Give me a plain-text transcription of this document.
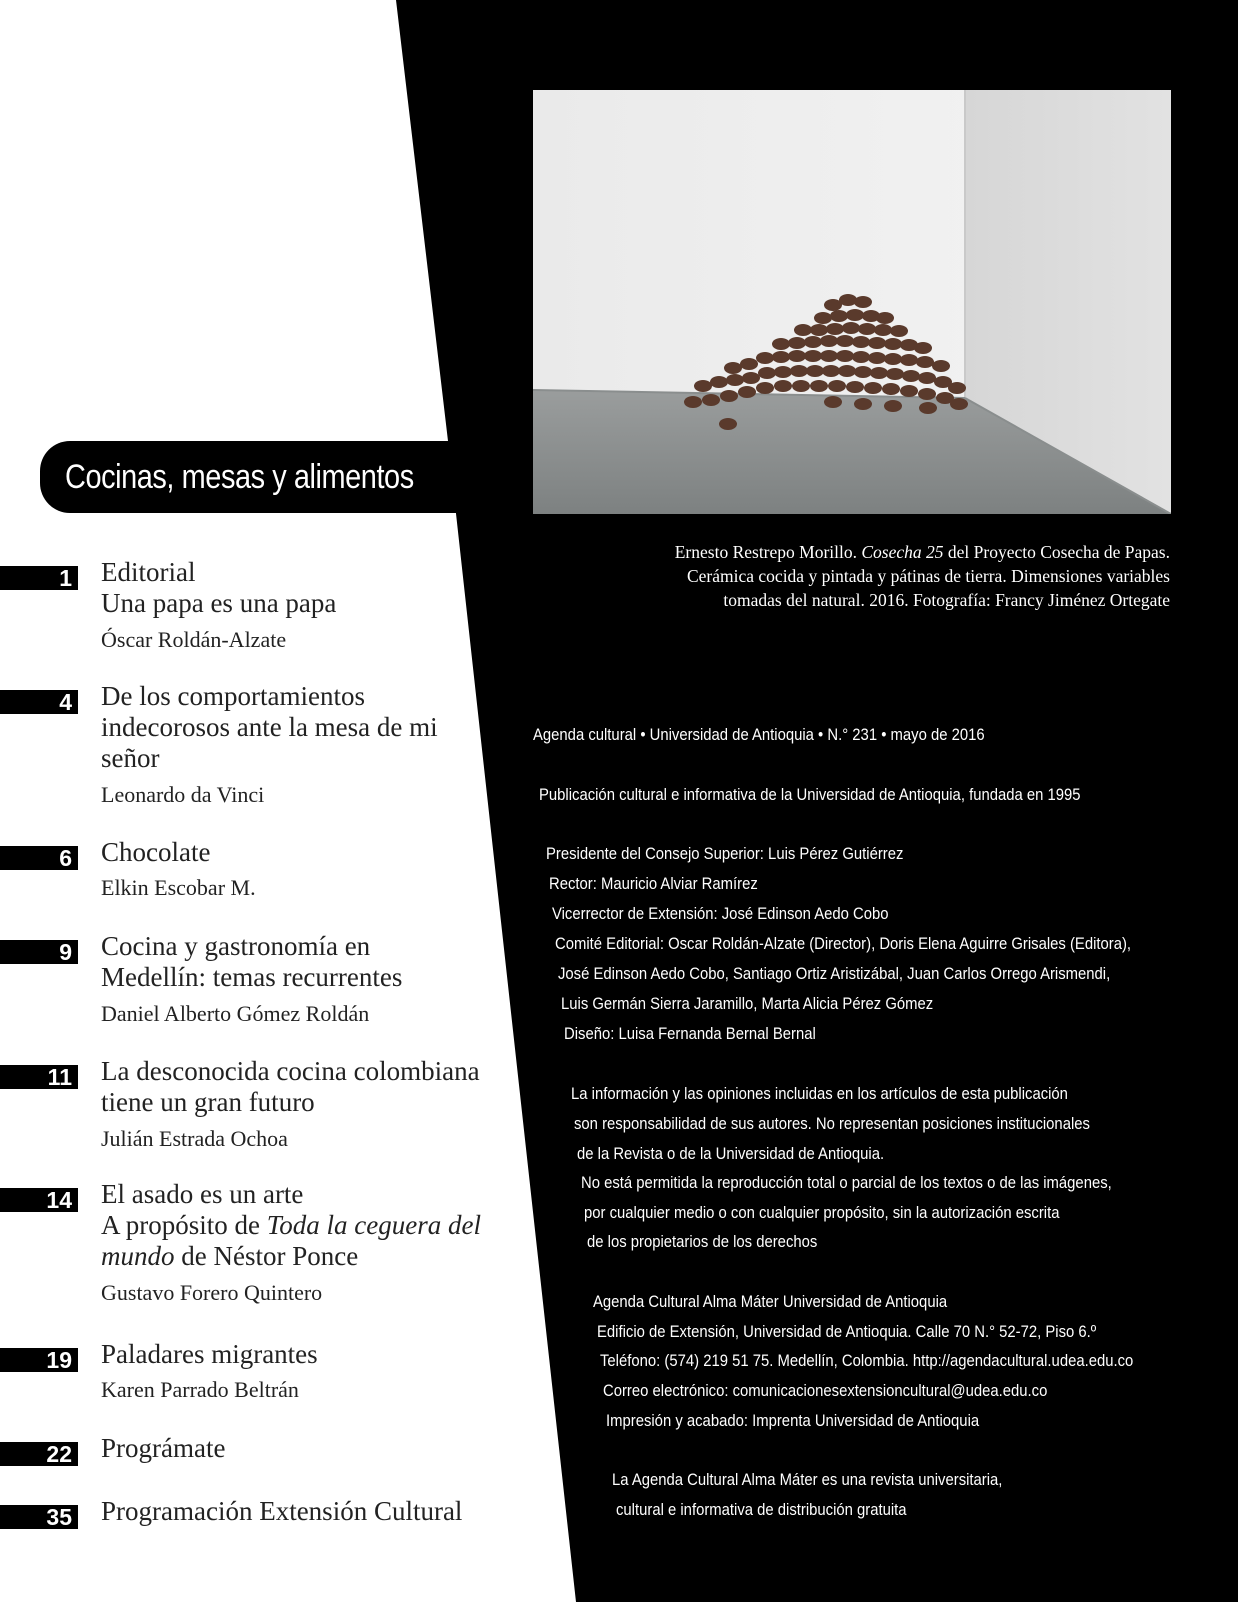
Cocinas, mesas y alimentos
Ernesto Restrepo Morillo. Cosecha 25 del Proyecto Cosecha de Papas.
Cerámica cocida y pintada y pátinas de tierra. Dimensiones variables
tomadas del natural. 2016. Fotografía: Francy Jiménez Ortegate
1 Editorial
Una papa es una papa
Óscar Roldán-Alzate
4 De los comportamientos indecorosos ante la mesa de mi señor
Leonardo da Vinci
6 Chocolate
Elkin Escobar M.
9 Cocina y gastronomía en Medellín: temas recurrentes
Daniel Alberto Gómez Roldán
11 La desconocida cocina colombiana tiene un gran futuro
Julián Estrada Ochoa
14 El asado es un arte
A propósito de Toda la ceguera del mundo de Néstor Ponce
Gustavo Forero Quintero
19 Paladares migrantes
Karen Parrado Beltrán
22 Prográmate
35 Programación Extensión Cultural
Agenda cultural • Universidad de Antioquia • N.° 231 • mayo de 2016
Publicación cultural e informativa de la Universidad de Antioquia, fundada en 1995
Presidente del Consejo Superior: Luis Pérez Gutiérrez
Rector: Mauricio Alviar Ramírez
Vicerrector de Extensión: José Edinson Aedo Cobo
Comité Editorial: Oscar Roldán-Alzate (Director), Doris Elena Aguirre Grisales (Editora),
José Edinson Aedo Cobo, Santiago Ortiz Aristizábal, Juan Carlos Orrego Arismendi,
Luis Germán Sierra Jaramillo, Marta Alicia Pérez Gómez
Diseño: Luisa Fernanda Bernal Bernal
La información y las opiniones incluidas en los artículos de esta publicación
son responsabilidad de sus autores. No representan posiciones institucionales
de la Revista o de la Universidad de Antioquia.
No está permitida la reproducción total o parcial de los textos o de las imágenes,
por cualquier medio o con cualquier propósito, sin la autorización escrita
de los propietarios de los derechos
Agenda Cultural Alma Máter Universidad de Antioquia
Edificio de Extensión, Universidad de Antioquia. Calle 70 N.° 52-72, Piso 6.º
Teléfono: (574) 219 51 75. Medellín, Colombia. http://agendacultural.udea.edu.co
Correo electrónico: comunicacionesextensioncultural@udea.edu.co
Impresión y acabado: Imprenta Universidad de Antioquia
La Agenda Cultural Alma Máter es una revista universitaria,
cultural e informativa de distribución gratuita
